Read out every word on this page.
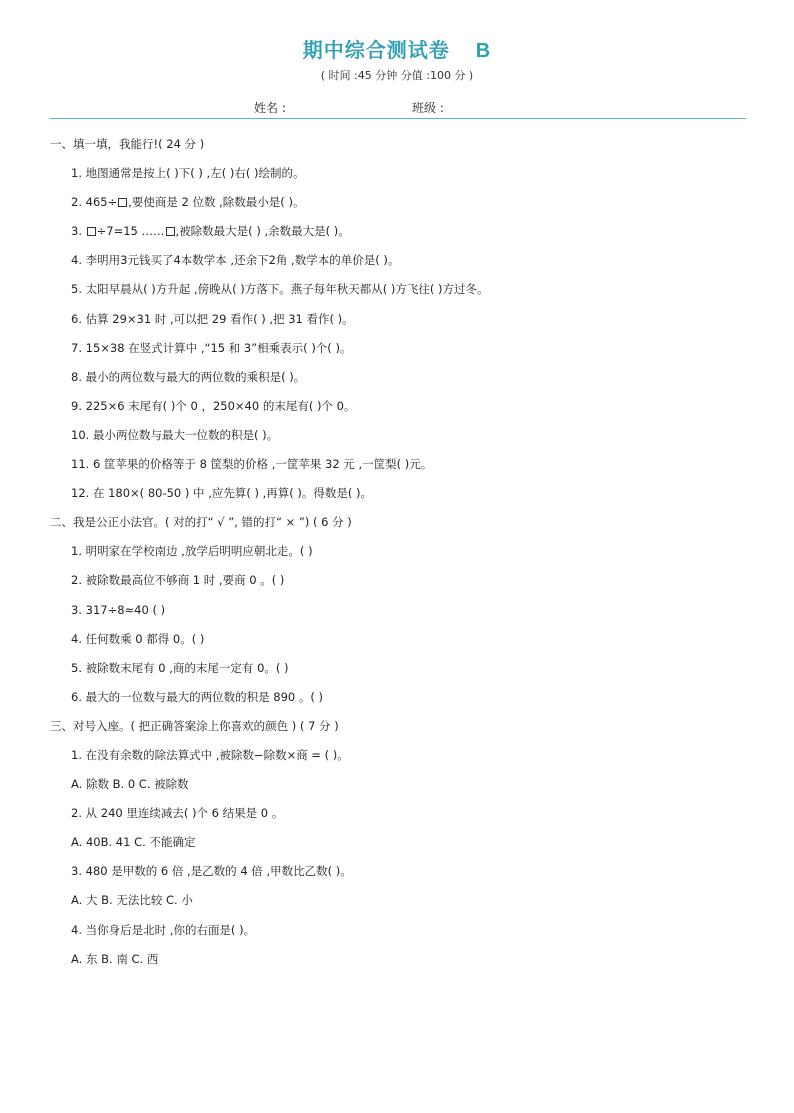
期中综合测试卷 B
( 时间 :45 分钟 分值 :100 分 )
姓名 :	班级 :
一、填一填，我能行!( 24 分 )
1. 地图通常是按上( )下( ) ,左( )右( )绘制的。
2. 465÷ ,要使商是 2 位数 ,除数最小是( )。
3. ÷7=15 …… ,被除数最大是( ) ,余数最大是( )。
4. 李明用3元钱买了4本数学本 ,还余下2角 ,数学本的单价是( )。
5. 太阳早晨从( )方升起 ,傍晚从( )方落下。燕子每年秋天都从( )方飞往( )方过冬。
6. 估算 29×31 时 ,可以把 29 看作( ) ,把 31 看作( )。
7. 15×38 在竖式计算中 ,“15 和 3”相乘表示( )个( )。
8. 最小的两位数与最大的两位数的乘积是( )。
9. 225×6 末尾有( )个 0 ，250×40 的末尾有( )个 0。
10. 最小两位数与最大一位数的积是( )。
11. 6 筐苹果的价格等于 8 筐梨的价格 ,一筐苹果 32 元 ,一筐梨( )元。
12. 在 180×( 80-50 ) 中 ,应先算( ) ,再算( )。得数是( )。
二、我是公正小法官。( 对的打“ √ ”, 错的打“ × ”) ( 6 分 )
1. 明明家在学校南边 ,放学后明明应朝北走。( )
2. 被除数最高位不够商 1 时 ,要商 0 。( )
3. 317÷8≈40 ( )
4. 任何数乘 0 都得 0。( )
5. 被除数末尾有 0 ,商的末尾一定有 0。( )
6. 最大的一位数与最大的两位数的积是 890 。( )
三、对号入座。( 把正确答案涂上你喜欢的颜色 ) ( 7 分 )
1. 在没有余数的除法算式中 ,被除数−除数×商 = ( )。
A. 除数 B. 0 C. 被除数
2. 从 240 里连续减去( )个 6 结果是 0 。
A. 40B. 41 C. 不能确定
3. 480 是甲数的 6 倍 ,是乙数的 4 倍 ,甲数比乙数( )。
A. 大 B. 无法比较 C. 小
4. 当你身后是北时 ,你的右面是( )。
A. 东 B. 南 C. 西
